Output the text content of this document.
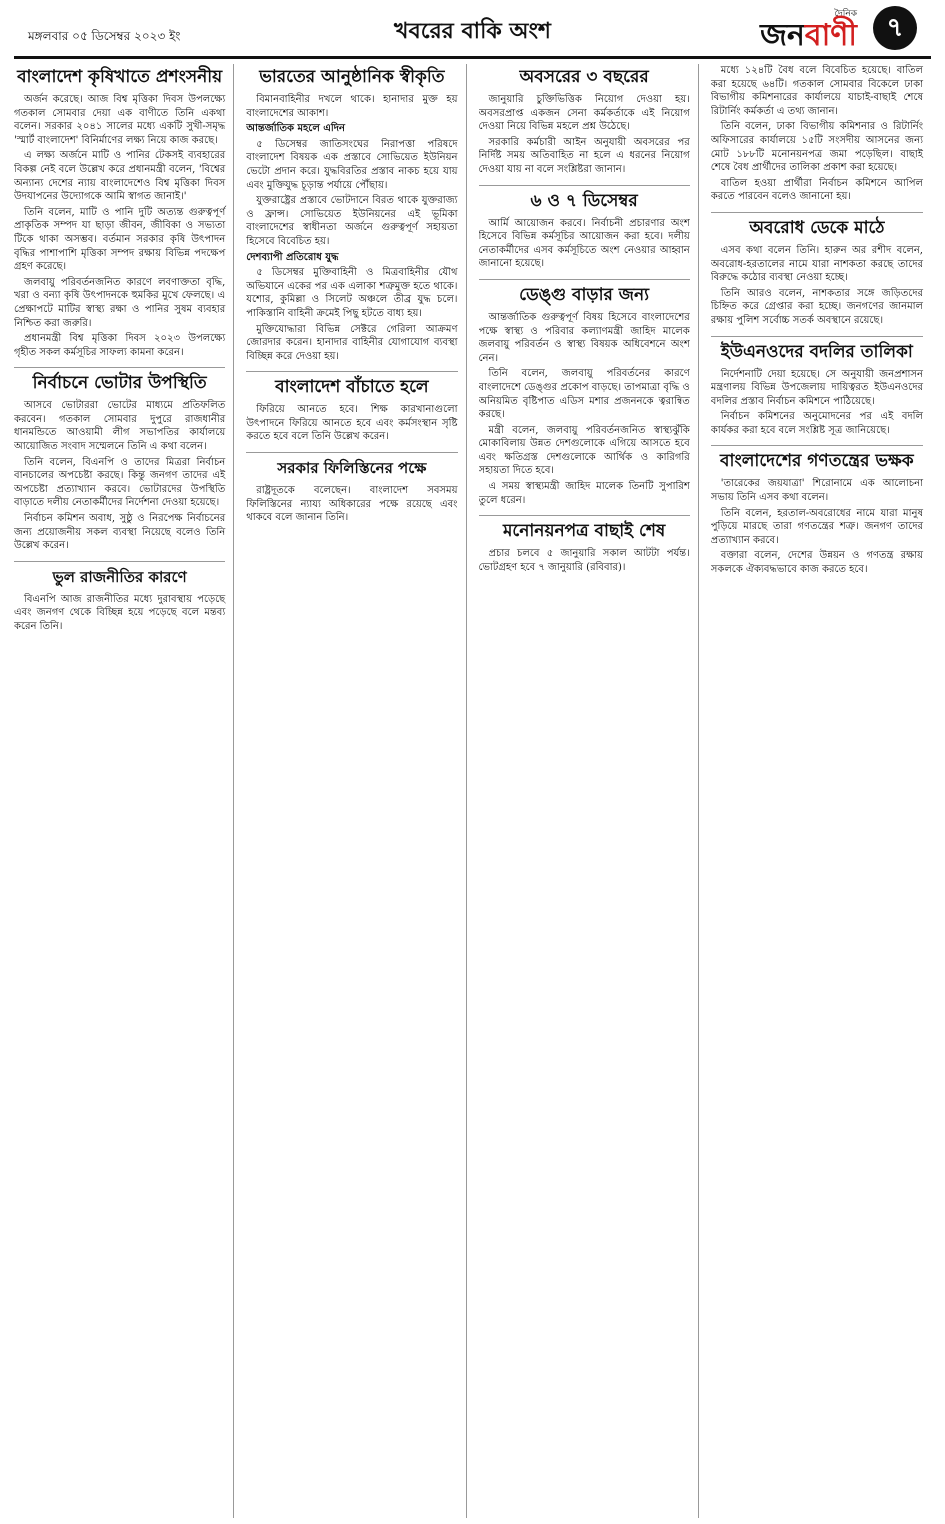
মঙ্গলবার ০৫ ডিসেম্বর ২০২৩ ইং	খবরের বাকি অংশ
দৈনিক
জনবাণী	৭
বাংলাদেশ কৃষিখাতে প্রশংসনীয়

অর্জন করেছে। আজ বিশ্ব মৃত্তিকা দিবস উপলক্ষ্যে গতকাল সোমবার দেয়া এক বাণীতে তিনি একথা বলেন। সরকার ২০৪১ সালের মধ্যে একটি সুখী-সমৃদ্ধ 'স্মার্ট বাংলাদেশ' বিনির্মাণের লক্ষ্য নিয়ে কাজ করছে।

এ লক্ষ্য অর্জনে মাটি ও পানির টেকসই ব্যবহারের বিকল্প নেই বলে উল্লেখ করে প্রধানমন্ত্রী বলেন, 'বিশ্বের অন্যান্য দেশের ন্যায় বাংলাদেশেও বিশ্ব মৃত্তিকা দিবস উদযাপনের উদ্যোগকে আমি স্বাগত জানাই।'

তিনি বলেন, মাটি ও পানি দুটি অত্যন্ত গুরুত্বপূর্ণ প্রাকৃতিক সম্পদ যা ছাড়া জীবন, জীবিকা ও সভ্যতা টিকে থাকা অসম্ভব। বর্তমান সরকার কৃষি উৎপাদন বৃদ্ধির পাশাপাশি মৃত্তিকা সম্পদ রক্ষায় বিভিন্ন পদক্ষেপ গ্রহণ করেছে।

জলবায়ু পরিবর্তনজনিত কারণে লবণাক্ততা বৃদ্ধি, খরা ও বন্যা কৃষি উৎপাদনকে হুমকির মুখে ফেলছে। এ প্রেক্ষাপটে মাটির স্বাস্থ্য রক্ষা ও পানির সুষম ব্যবহার নিশ্চিত করা জরুরি।

প্রধানমন্ত্রী বিশ্ব মৃত্তিকা দিবস ২০২৩ উপলক্ষ্যে গৃহীত সকল কর্মসূচির সাফল্য কামনা করেন।

নির্বাচনে ভোটার উপস্থিতি

আসবে ভোটাররা ভোটের মাধ্যমে প্রতিফলিত করবেন। গতকাল সোমবার দুপুরে রাজধানীর ধানমন্ডিতে আওয়ামী লীগ সভাপতির কার্যালয়ে আয়োজিত সংবাদ সম্মেলনে তিনি এ কথা বলেন।

তিনি বলেন, বিএনপি ও তাদের মিত্ররা নির্বাচন বানচালের অপচেষ্টা করছে। কিন্তু জনগণ তাদের এই অপচেষ্টা প্রত্যাখ্যান করবে। ভোটারদের উপস্থিতি বাড়াতে দলীয় নেতাকর্মীদের নির্দেশনা দেওয়া হয়েছে।

নির্বাচন কমিশন অবাধ, সুষ্ঠু ও নিরপেক্ষ নির্বাচনের জন্য প্রয়োজনীয় সকল ব্যবস্থা নিয়েছে বলেও তিনি উল্লেখ করেন।

ভুল রাজনীতির কারণে

বিএনপি আজ রাজনীতির মধ্যে দুরাবস্থায় পড়েছে এবং জনগণ থেকে বিচ্ছিন্ন হয়ে পড়েছে বলে মন্তব্য করেন তিনি।

ভারতের আনুষ্ঠানিক স্বীকৃতি

বিমানবাহিনীর দখলে থাকে। হানাদার মুক্ত হয় বাংলাদেশের আকাশ।

আন্তর্জাতিক মহলে এদিন

৫ ডিসেম্বর জাতিসংঘের নিরাপত্তা পরিষদে বাংলাদেশ বিষয়ক এক প্রস্তাবে সোভিয়েত ইউনিয়ন ভেটো প্রদান করে। যুদ্ধবিরতির প্রস্তাব নাকচ হয়ে যায় এবং মুক্তিযুদ্ধ চূড়ান্ত পর্যায়ে পৌঁছায়।

যুক্তরাষ্ট্রের প্রস্তাবে ভোটদানে বিরত থাকে যুক্তরাজ্য ও ফ্রান্স। সোভিয়েত ইউনিয়নের এই ভূমিকা বাংলাদেশের স্বাধীনতা অর্জনে গুরুত্বপূর্ণ সহায়তা হিসেবে বিবেচিত হয়।

দেশব্যাপী প্রতিরোধ যুদ্ধ

৫ ডিসেম্বর মুক্তিবাহিনী ও মিত্রবাহিনীর যৌথ অভিযানে একের পর এক এলাকা শত্রুমুক্ত হতে থাকে। যশোর, কুমিল্লা ও সিলেট অঞ্চলে তীব্র যুদ্ধ চলে। পাকিস্তানি বাহিনী ক্রমেই পিছু হটতে বাধ্য হয়।

মুক্তিযোদ্ধারা বিভিন্ন সেক্টরে গেরিলা আক্রমণ জোরদার করেন। হানাদার বাহিনীর যোগাযোগ ব্যবস্থা বিচ্ছিন্ন করে দেওয়া হয়।

বাংলাদেশ বাঁচাতে হলে

ফিরিয়ে আনতে হবে। শিক্ষ কারখানাগুলো উৎপাদনে ফিরিয়ে আনতে হবে এবং কর্মসংস্থান সৃষ্টি করতে হবে বলে তিনি উল্লেখ করেন।

সরকার ফিলিস্তিনের পক্ষে

রাষ্ট্রদূতকে বলেছেন। বাংলাদেশ সবসময় ফিলিস্তিনের ন্যায্য অধিকারের পক্ষে রয়েছে এবং থাকবে বলে জানান তিনি।

অবসরের ৩ বছরের

জানুয়ারি চুক্তিভিত্তিক নিয়োগ দেওয়া হয়। অবসরপ্রাপ্ত একজন সেনা কর্মকর্তাকে এই নিয়োগ দেওয়া নিয়ে বিভিন্ন মহলে প্রশ্ন উঠেছে।

সরকারি কর্মচারী আইন অনুযায়ী অবসরের পর নির্দিষ্ট সময় অতিবাহিত না হলে এ ধরনের নিয়োগ দেওয়া যায় না বলে সংশ্লিষ্টরা জানান।

৬ ও ৭ ডিসেম্বর

আর্মি আয়োজন করবে। নির্বাচনী প্রচারণার অংশ হিসেবে বিভিন্ন কর্মসূচির আয়োজন করা হবে। দলীয় নেতাকর্মীদের এসব কর্মসূচিতে অংশ নেওয়ার আহ্বান জানানো হয়েছে।

ডেঙ্গু বাড়ার জন্য

আন্তর্জাতিক গুরুত্বপূর্ণ বিষয় হিসেবে বাংলাদেশের পক্ষে স্বাস্থ্য ও পরিবার কল্যাণমন্ত্রী জাহিদ মালেক জলবায়ু পরিবর্তন ও স্বাস্থ্য বিষয়ক অধিবেশনে অংশ নেন।

তিনি বলেন, জলবায়ু পরিবর্তনের কারণে বাংলাদেশে ডেঙ্গুর প্রকোপ বাড়ছে। তাপমাত্রা বৃদ্ধি ও অনিয়মিত বৃষ্টিপাত এডিস মশার প্রজননকে ত্বরান্বিত করছে।

মন্ত্রী বলেন, জলবায়ু পরিবর্তনজনিত স্বাস্থ্যঝুঁকি মোকাবিলায় উন্নত দেশগুলোকে এগিয়ে আসতে হবে এবং ক্ষতিগ্রস্ত দেশগুলোকে আর্থিক ও কারিগরি সহায়তা দিতে হবে।

এ সময় স্বাস্থ্যমন্ত্রী জাহিদ মালেক তিনটি সুপারিশ তুলে ধরেন।

মনোনয়নপত্র বাছাই শেষ

প্রচার চলবে ৫ জানুয়ারি সকাল আটটা পর্যন্ত। ভোটগ্রহণ হবে ৭ জানুয়ারি (রবিবার)।

মধ্যে ১২৪টি বৈধ বলে বিবেচিত হয়েছে। বাতিল করা হয়েছে ৬৪টি। গতকাল সোমবার বিকেলে ঢাকা বিভাগীয় কমিশনারের কার্যালয়ে যাচাই-বাছাই শেষে রিটার্নিং কর্মকর্তা এ তথ্য জানান।

তিনি বলেন, ঢাকা বিভাগীয় কমিশনার ও রিটার্নিং অফিসারের কার্যালয়ে ১৫টি সংসদীয় আসনের জন্য মোট ১৮৮টি মনোনয়নপত্র জমা পড়েছিল। বাছাই শেষে বৈধ প্রার্থীদের তালিকা প্রকাশ করা হয়েছে।

বাতিল হওয়া প্রার্থীরা নির্বাচন কমিশনে আপিল করতে পারবেন বলেও জানানো হয়।

অবরোধ ডেকে মাঠে

এসব কথা বলেন তিনি। হারুন অর রশীদ বলেন, অবরোধ-হরতালের নামে যারা নাশকতা করছে তাদের বিরুদ্ধে কঠোর ব্যবস্থা নেওয়া হচ্ছে।

তিনি আরও বলেন, নাশকতার সঙ্গে জড়িতদের চিহ্নিত করে গ্রেপ্তার করা হচ্ছে। জনগণের জানমাল রক্ষায় পুলিশ সর্বোচ্চ সতর্ক অবস্থানে রয়েছে।

ইউএনওদের বদলির তালিকা

নির্দেশনাটি দেয়া হয়েছে। সে অনুযায়ী জনপ্রশাসন মন্ত্রণালয় বিভিন্ন উপজেলায় দায়িত্বরত ইউএনওদের বদলির প্রস্তাব নির্বাচন কমিশনে পাঠিয়েছে।

নির্বাচন কমিশনের অনুমোদনের পর এই বদলি কার্যকর করা হবে বলে সংশ্লিষ্ট সূত্র জানিয়েছে।

বাংলাদেশের গণতন্ত্রের ভক্ষক

'তারেকের জয়যাত্রা' শিরোনামে এক আলোচনা সভায় তিনি এসব কথা বলেন।

তিনি বলেন, হরতাল-অবরোধের নামে যারা মানুষ পুড়িয়ে মারছে তারা গণতন্ত্রের শত্রু। জনগণ তাদের প্রত্যাখ্যান করবে।

বক্তারা বলেন, দেশের উন্নয়ন ও গণতন্ত্র রক্ষায় সকলকে ঐক্যবদ্ধভাবে কাজ করতে হবে।
